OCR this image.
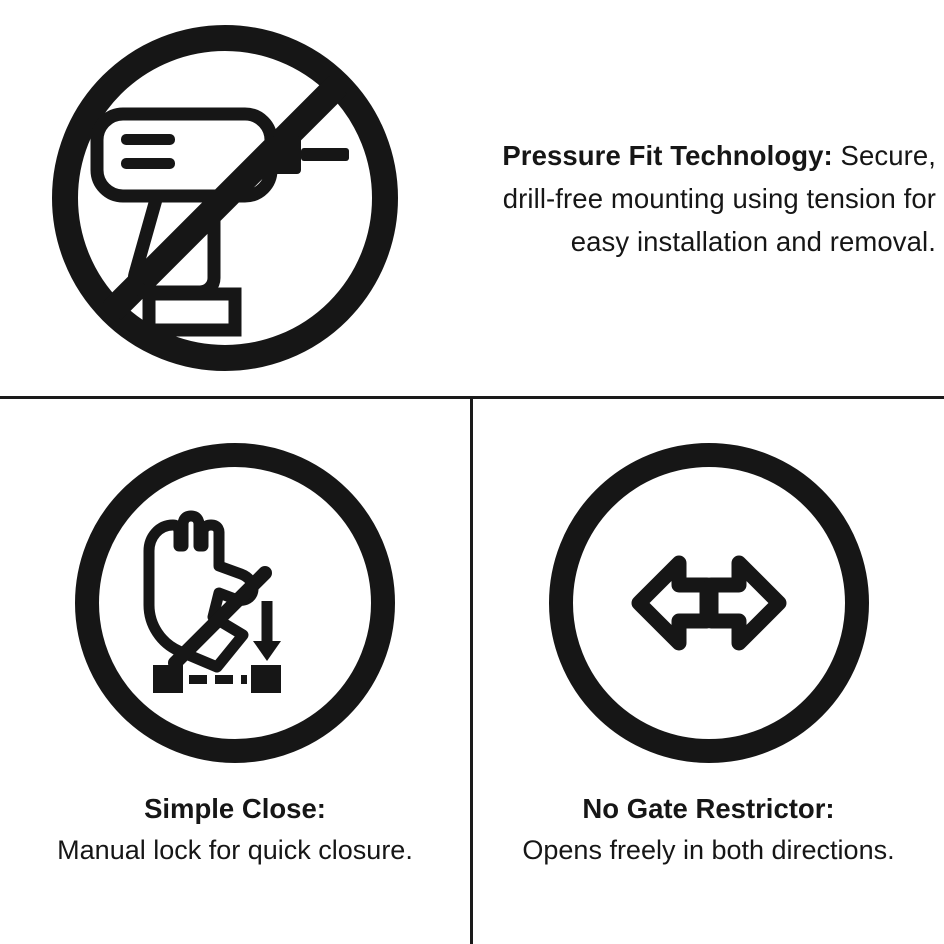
Pressure Fit Technology: Secure, drill-free mounting using tension for easy installation and removal.

Simple Close:
Manual lock for quick closure.
No Gate Restrictor:
Opens freely in both directions.
